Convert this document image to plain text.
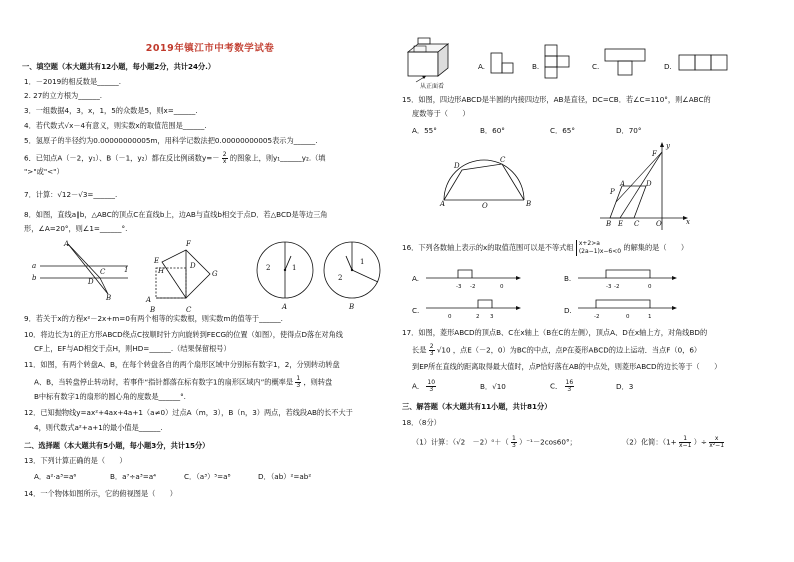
2019年镇江市中考数学试卷
一、填空题（本大题共有12小题，每小题2分，共计24分.）
1．－2019的相反数是______.
2. 27的立方根为______.
3．一组数据4，3，x，1，5的众数是5，则x=______.
4．若代数式√x－4有意义，则实数x的取值范围是______.
5．氢原子的半径约为0.00000000005m，用科学记数法把0.00000000005表示为______.
6．已知点A（－2，y₁）、B（－1，y₂）都在反比例函数$y=- \frac{2}{x}$ 的图象上，则y₁______y₂.（填
">"或"<"）
7．计算：√12－√3=______.
8．如图，直线a∥b，△ABC的顶点C在直线b上，边AB与直线b相交于点D．若△BCD是等边三角
形，∠A=20°，则∠1=______°.
A
a
b	D
C
B
1
F
E
H
D
G
A
B	C
2	1
A
1
2
B
9．若关于x的方程x²－2x+m=0有两个相等的实数根，则实数m的值等于______.
10．将边长为1的正方形ABCD绕点C按顺时针方向旋转到FECG的位置（如图），使得点D落在对角线
CF上，EF与AD相交于点H，则HD=______.（结果保留根号）
11．如图，有两个转盘A、B，在每个转盘各自的两个扇形区域中分别标有数字1，2，分别转动转盘
A、B，当转盘停止转动时，若事件“指针都落在标有数字1的扇形区域内”的概率是 $\frac{1}{3}$ ，则转盘
B中标有数字1的扇形的圆心角的度数是______°.
12．已知抛物线y=ax²+4ax+4a+1（a≠0）过点A（m，3），B（n，3）两点，若线段AB的长不大于
4，则代数式a²+a+1的最小值是______.
二、选择题（本大题共有5小题，每小题3分，共计15分）
13．下列计算正确的是（　　）
A．a²·a³=a⁶	B．a⁷÷a³=a⁴	C．（a³）⁵=a⁸	D．（ab）²=ab²
14．一个物体如图所示，它的俯视图是（　　）
从正面看
A.	B.	C.	D.
15．如图，四边形ABCD是半圆的内接四边形，AB是直径，DC=CB．若∠C=110°，则∠ABC的
度数等于（　　）
A．55°	B．60°	C．65°	D．70°
D
C
A	O	B
y
F
P
A	D
B E C O	x
16．下列各数轴上表示的x的取值范围可以是不等式组 x+2>a
(2a−1)x−6<0 的解集的是（　　）
A.
-3 -2	0
B.
-3 -2	0
C.
0	2 3
D.
-2	0	1
17．如图，菱形ABCD的顶点B、C在x轴上（B在C的左侧），顶点A、D在x轴上方，对角线BD的
长是 $\frac{2}{3} √10$ ，点E（－2，0）为BC的中点，点P在菱形ABCD的边上运动．当点F（0，6）
到EP所在直线的距离取得最大值时，点P恰好落在AB的中点处，则菱形ABCD的边长等于（　　）
A． $\frac{10}{3}$	B．√10	C． $\frac{16}{3}$	D．3
三、解答题（本大题共有11小题，共计81分）
18．（8分）
（1）计算：（√2　$-2)^0+( \frac{1}{3} )^{-1}-2\cos 60^\circ$；	（2）化简：（$1+ \frac{1}{x-1}$ ）÷ $\frac{x}{\text{x²−1}}$
